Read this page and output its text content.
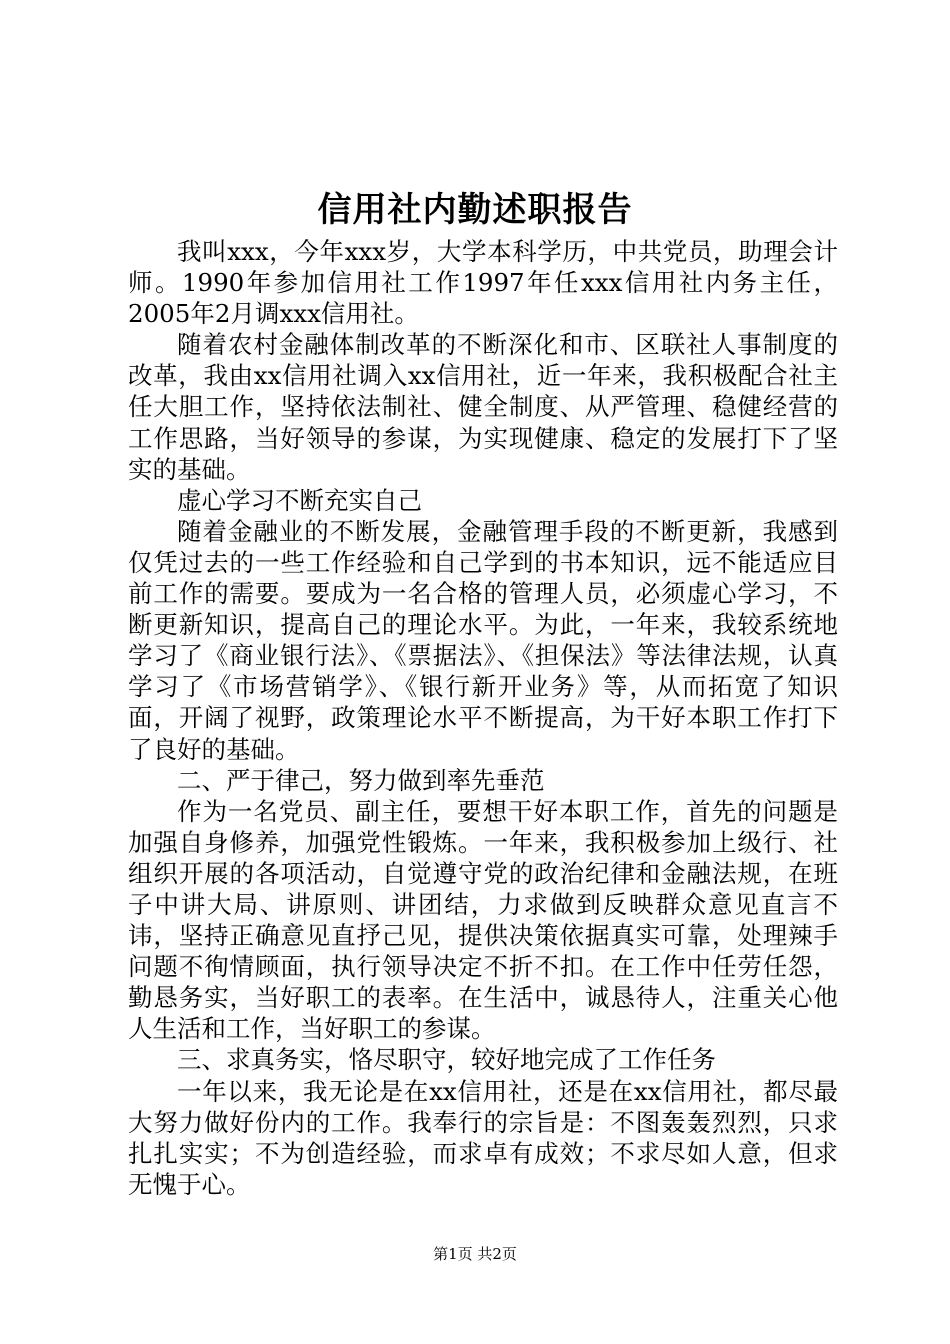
信用社内勤述职报告

我叫xxx，今年xxx岁，大学本科学历，中共党员，助理会计师。1990年参加信用社工作1997年任xxx信用社内务主任，2005年2月调xxx信用社。

随着农村金融体制改革的不断深化和市、区联社人事制度的改革，我由xx信用社调入xx信用社，近一年来，我积极配合社主任大胆工作，坚持依法制社、健全制度、从严管理、稳健经营的工作思路，当好领导的参谋，为实现健康、稳定的发展打下了坚实的基础。

虚心学习不断充实自己

随着金融业的不断发展，金融管理手段的不断更新，我感到仅凭过去的一些工作经验和自己学到的书本知识，远不能适应目前工作的需要。要成为一名合格的管理人员，必须虚心学习，不断更新知识，提高自己的理论水平。为此，一年来，我较系统地学习了《商业银行法》、《票据法》、《担保法》等法律法规，认真学习了《市场营销学》、《银行新开业务》等，从而拓宽了知识面，开阔了视野，政策理论水平不断提高，为干好本职工作打下了良好的基础。

二、严于律己，努力做到率先垂范

作为一名党员、副主任，要想干好本职工作，首先的问题是加强自身修养，加强党性锻炼。一年来，我积极参加上级行、社组织开展的各项活动，自觉遵守党的政治纪律和金融法规，在班子中讲大局、讲原则、讲团结，力求做到反映群众意见直言不讳，坚持正确意见直抒己见，提供决策依据真实可靠，处理辣手问题不徇情顾面，执行领导决定不折不扣。在工作中任劳任怨，勤恳务实，当好职工的表率。在生活中，诚恳待人，注重关心他人生活和工作，当好职工的参谋。

三、求真务实，恪尽职守，较好地完成了工作任务

一年以来，我无论是在xx信用社，还是在xx信用社，都尽最大努力做好份内的工作。我奉行的宗旨是：不图轰轰烈烈，只求扎扎实实；不为创造经验，而求卓有成效；不求尽如人意，但求无愧于心。

第1页 共2页
